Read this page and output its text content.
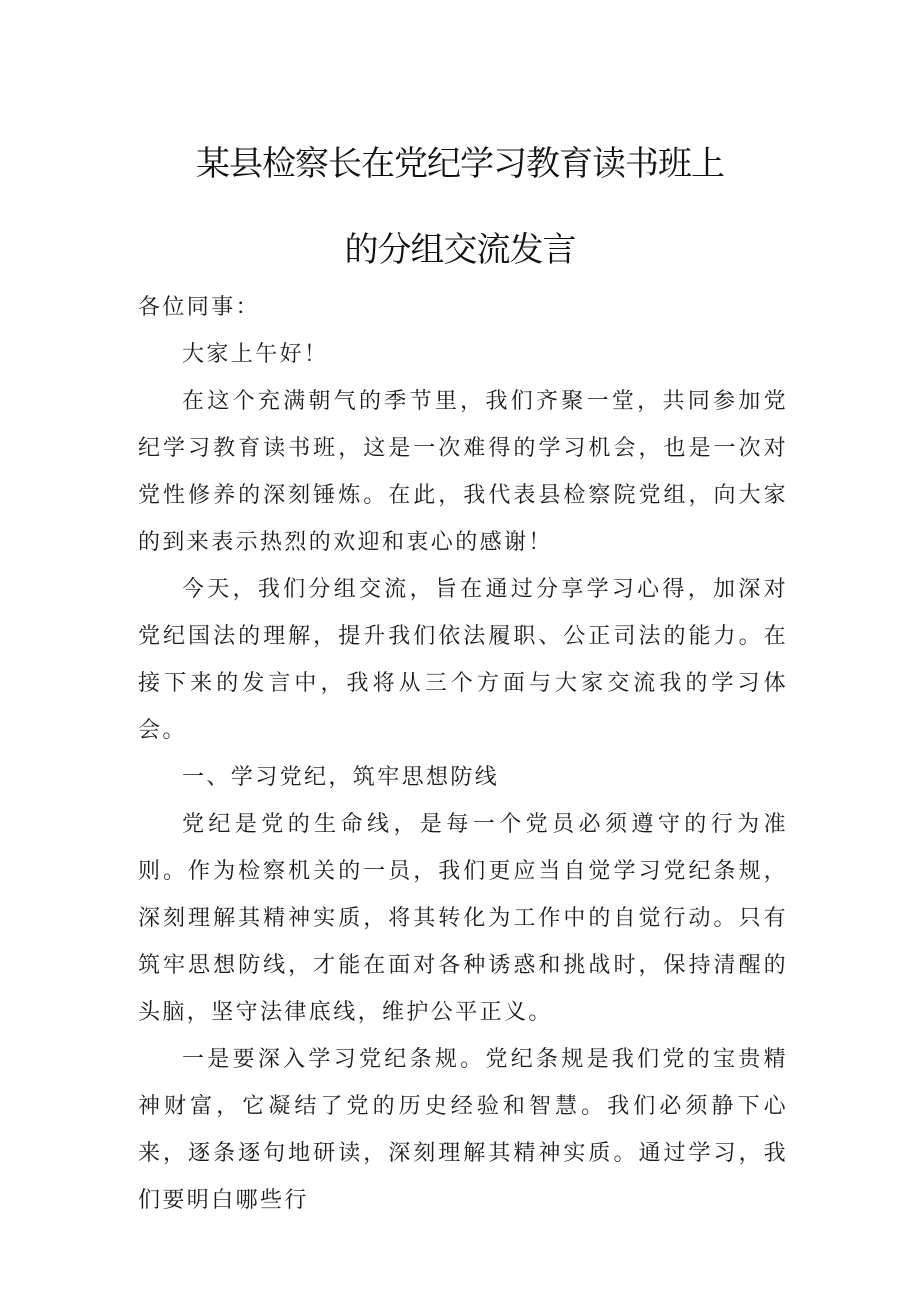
某县检察长在党纪学习教育读书班上
的分组交流发言

各位同事：

大家上午好！

在这个充满朝气的季节里，我们齐聚一堂，共同参加党纪学习教育读书班，这是一次难得的学习机会，也是一次对党性修养的深刻锤炼。在此，我代表县检察院党组，向大家的到来表示热烈的欢迎和衷心的感谢！

今天，我们分组交流，旨在通过分享学习心得，加深对党纪国法的理解，提升我们依法履职、公正司法的能力。在接下来的发言中，我将从三个方面与大家交流我的学习体会。

一、学习党纪，筑牢思想防线

党纪是党的生命线，是每一个党员必须遵守的行为准则。作为检察机关的一员，我们更应当自觉学习党纪条规，深刻理解其精神实质，将其转化为工作中的自觉行动。只有筑牢思想防线，才能在面对各种诱惑和挑战时，保持清醒的头脑，坚守法律底线，维护公平正义。

一是要深入学习党纪条规。党纪条规是我们党的宝贵精神财富，它凝结了党的历史经验和智慧。我们必须静下心来，逐条逐句地研读，深刻理解其精神实质。通过学习，我们要明白哪些行
